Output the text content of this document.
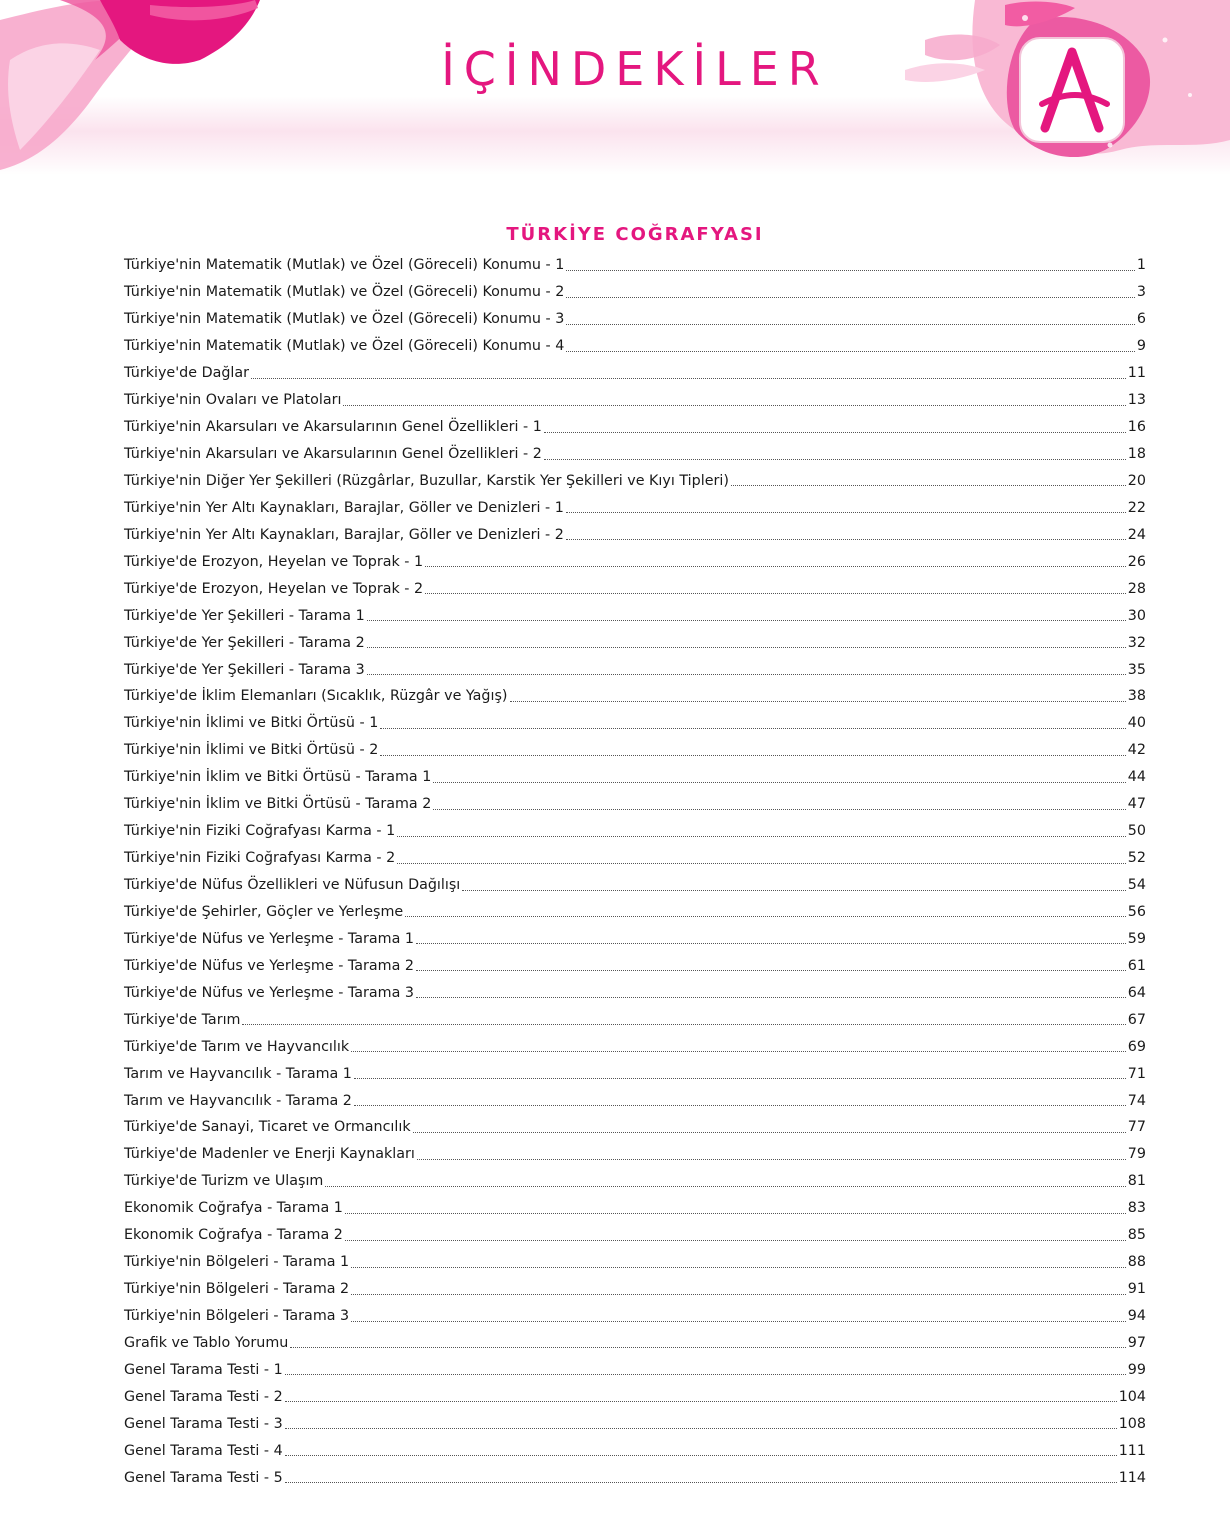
İÇİNDEKİLER
TÜRKİYE COĞRAFYASI
Türkiye'nin Matematik (Mutlak) ve Özel (Göreceli) Konumu - 1	1
Türkiye'nin Matematik (Mutlak) ve Özel (Göreceli) Konumu - 2	3
Türkiye'nin Matematik (Mutlak) ve Özel (Göreceli) Konumu - 3	6
Türkiye'nin Matematik (Mutlak) ve Özel (Göreceli) Konumu - 4	9
Türkiye'de Dağlar	11
Türkiye'nin Ovaları ve Platoları	13
Türkiye'nin Akarsuları ve Akarsularının Genel Özellikleri - 1	16
Türkiye'nin Akarsuları ve Akarsularının Genel Özellikleri - 2	18
Türkiye'nin Diğer Yer Şekilleri (Rüzgârlar, Buzullar, Karstik Yer Şekilleri ve Kıyı Tipleri)	20
Türkiye'nin Yer Altı Kaynakları, Barajlar, Göller ve Denizleri - 1	22
Türkiye'nin Yer Altı Kaynakları, Barajlar, Göller ve Denizleri - 2	24
Türkiye'de Erozyon, Heyelan ve Toprak - 1	26
Türkiye'de Erozyon, Heyelan ve Toprak - 2	28
Türkiye'de Yer Şekilleri - Tarama 1	30
Türkiye'de Yer Şekilleri - Tarama 2	32
Türkiye'de Yer Şekilleri - Tarama 3	35
Türkiye'de İklim Elemanları (Sıcaklık, Rüzgâr ve Yağış)	38
Türkiye'nin İklimi ve Bitki Örtüsü - 1	40
Türkiye'nin İklimi ve Bitki Örtüsü - 2	42
Türkiye'nin İklim ve Bitki Örtüsü - Tarama 1	44
Türkiye'nin İklim ve Bitki Örtüsü - Tarama 2	47
Türkiye'nin Fiziki Coğrafyası Karma - 1	50
Türkiye'nin Fiziki Coğrafyası Karma - 2	52
Türkiye'de Nüfus Özellikleri ve Nüfusun Dağılışı	54
Türkiye'de Şehirler, Göçler ve Yerleşme	56
Türkiye'de Nüfus ve Yerleşme - Tarama 1	59
Türkiye'de Nüfus ve Yerleşme - Tarama 2	61
Türkiye'de Nüfus ve Yerleşme - Tarama 3	64
Türkiye'de Tarım	67
Türkiye'de Tarım ve Hayvancılık	69
Tarım ve Hayvancılık - Tarama 1	71
Tarım ve Hayvancılık - Tarama 2	74
Türkiye'de Sanayi, Ticaret ve Ormancılık	77
Türkiye'de Madenler ve Enerji Kaynakları	79
Türkiye'de Turizm ve Ulaşım	81
Ekonomik Coğrafya - Tarama 1	83
Ekonomik Coğrafya - Tarama 2	85
Türkiye'nin Bölgeleri - Tarama 1	88
Türkiye'nin Bölgeleri - Tarama 2	91
Türkiye'nin Bölgeleri - Tarama 3	94
Grafik ve Tablo Yorumu	97
Genel Tarama Testi - 1	99
Genel Tarama Testi - 2	104
Genel Tarama Testi - 3	108
Genel Tarama Testi - 4	111
Genel Tarama Testi - 5	114
